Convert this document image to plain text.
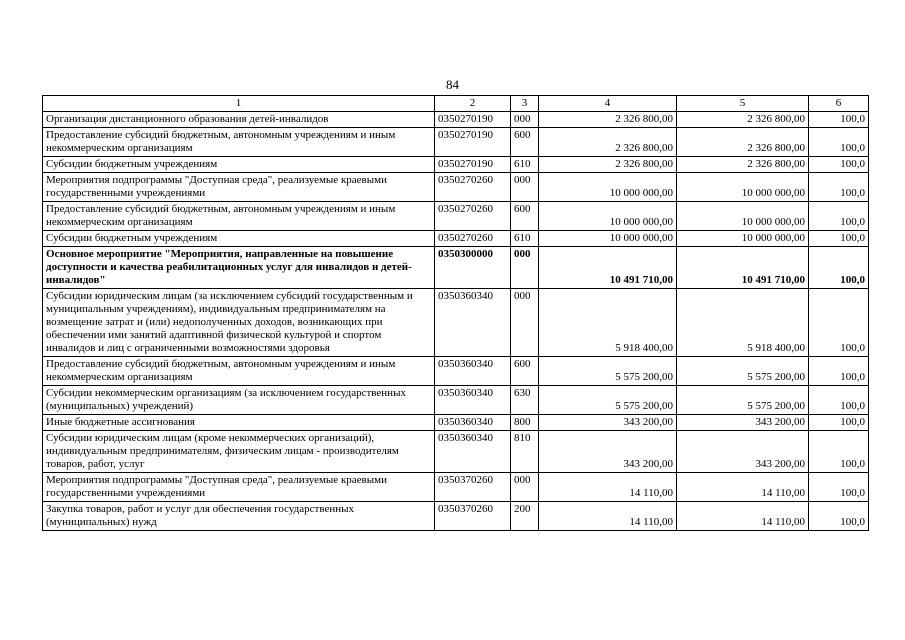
84
1	2	3	4	5	6
Организация дистанционного образования детей-инвалидов	0350270190	000	2 326 800,00	2 326 800,00	100,0
Предоставление субсидий бюджетным, автономным учреждениям и иным некоммерческим организациям	0350270190	600	2 326 800,00	2 326 800,00	100,0
Субсидии бюджетным учреждениям	0350270190	610	2 326 800,00	2 326 800,00	100,0
Мероприятия подпрограммы "Доступная среда", реализуемые краевыми государственными учреждениями	0350270260	000	10 000 000,00	10 000 000,00	100,0
Предоставление субсидий бюджетным, автономным учреждениям и иным некоммерческим организациям	0350270260	600	10 000 000,00	10 000 000,00	100,0
Субсидии бюджетным учреждениям	0350270260	610	10 000 000,00	10 000 000,00	100,0
Основное мероприятие "Мероприятия, направленные на повышение доступности и качества реабилитационных услуг для инвалидов и детей-инвалидов"	0350300000	000	10 491 710,00	10 491 710,00	100,0
Субсидии юридическим лицам (за исключением субсидий государственным и муниципальным учреждениям), индивидуальным предпринимателям на возмещение затрат и (или) недополученных доходов, возникающих при обеспечении ими занятий адаптивной физической культурой и спортом инвалидов и лиц с ограниченными возможностями здоровья	0350360340	000	5 918 400,00	5 918 400,00	100,0
Предоставление субсидий бюджетным, автономным учреждениям и иным некоммерческим организациям	0350360340	600	5 575 200,00	5 575 200,00	100,0
Субсидии некоммерческим организациям (за исключением государственных (муниципальных) учреждений)	0350360340	630	5 575 200,00	5 575 200,00	100,0
Иные бюджетные ассигнования	0350360340	800	343 200,00	343 200,00	100,0
Субсидии юридическим лицам (кроме некоммерческих организаций), индивидуальным предпринимателям, физическим лицам - производителям товаров, работ, услуг	0350360340	810	343 200,00	343 200,00	100,0
Мероприятия подпрограммы "Доступная среда", реализуемые краевыми государственными учреждениями	0350370260	000	14 110,00	14 110,00	100,0
Закупка товаров, работ и услуг для обеспечения государственных (муниципальных) нужд	0350370260	200	14 110,00	14 110,00	100,0
